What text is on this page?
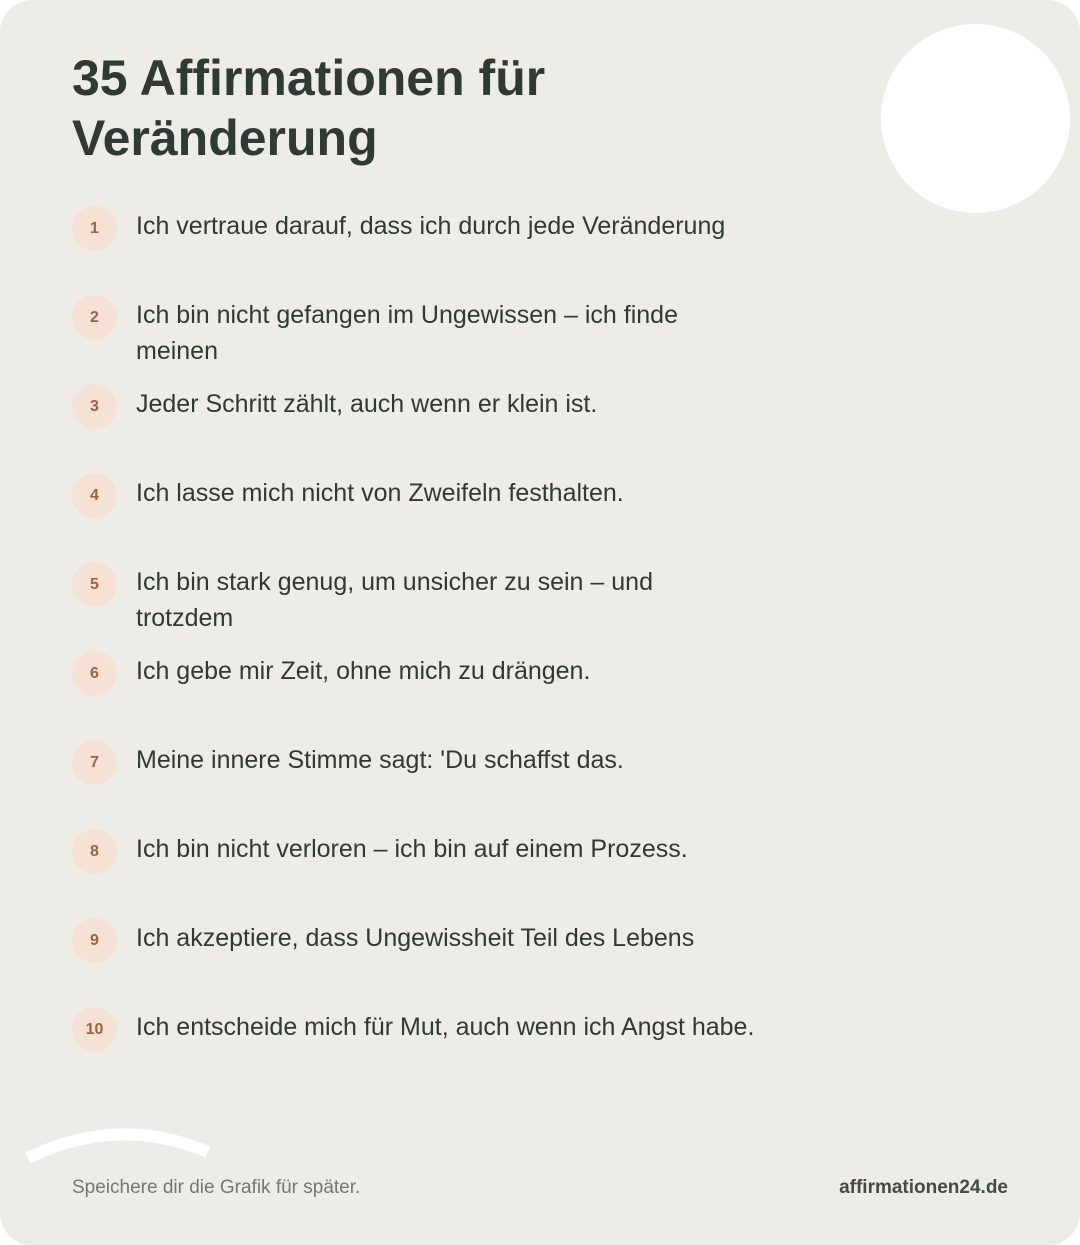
35 Affirmationen für Veränderung
1	Ich vertraue darauf, dass ich durch jede Veränderung
2	Ich bin nicht gefangen im Ungewissen – ich finde meinen
3	Jeder Schritt zählt, auch wenn er klein ist.
4	Ich lasse mich nicht von Zweifeln festhalten.
5	Ich bin stark genug, um unsicher zu sein – und trotzdem
6	Ich gebe mir Zeit, ohne mich zu drängen.
7	Meine innere Stimme sagt: 'Du schaffst das.
8	Ich bin nicht verloren – ich bin auf einem Prozess.
9	Ich akzeptiere, dass Ungewissheit Teil des Lebens
10	Ich entscheide mich für Mut, auch wenn ich Angst habe.
Speichere dir die Grafik für später.	affirmationen24.de
